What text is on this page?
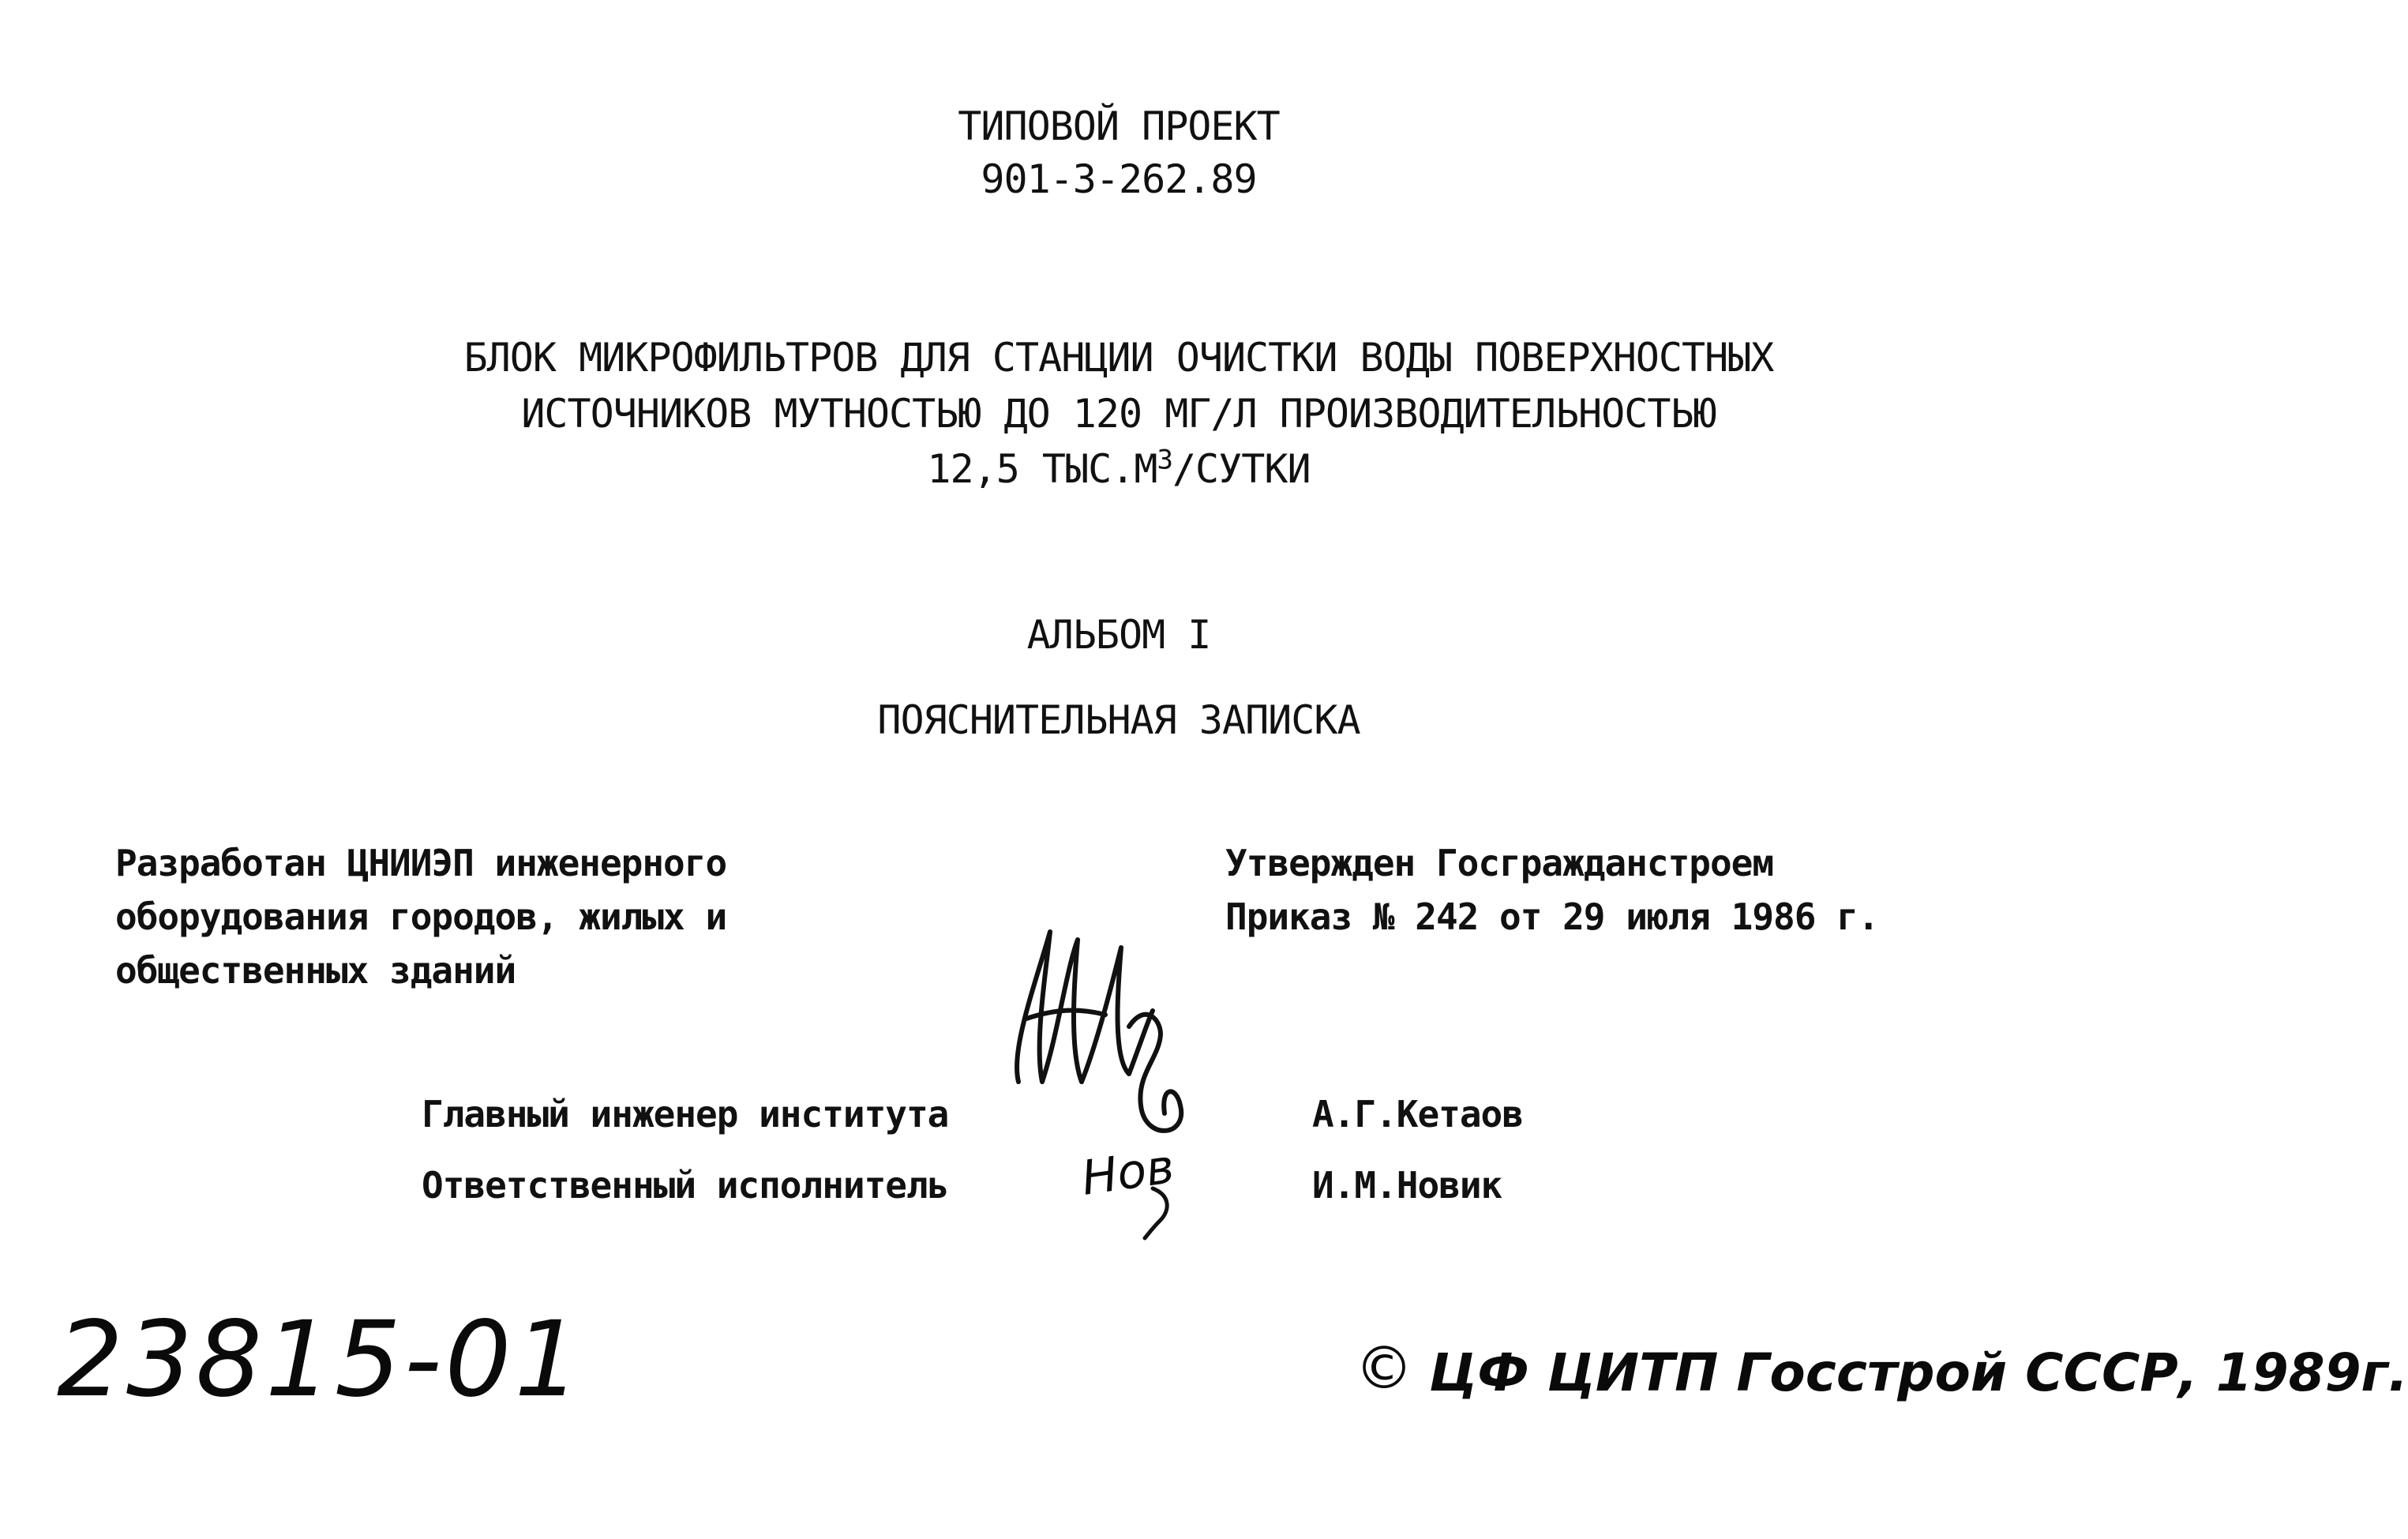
ТИПОВОЙ ПРОЕКТ
901-3-262.89
БЛОК МИКРОФИЛЬТРОВ ДЛЯ СТАНЦИИ ОЧИСТКИ ВОДЫ ПОВЕРХНОСТНЫХ
ИСТОЧНИКОВ МУТНОСТЬЮ ДО 120 МГ/Л ПРОИЗВОДИТЕЛЬНОСТЬЮ
12,5 $ТЫС.М^3$/СУТКИ
АЛЬБОМ I
ПОЯСНИТЕЛЬНАЯ ЗАПИСКА
Разработан ЦНИИЭП инженерного
оборудования городов, жилых и
общественных зданий
Утвержден Госгражданстроем
Приказ № 242 от 29 июля 1986 г.
Главный инженер института	А.Г.Кетаов
Ответственный исполнитель	Нов	И.М.Новик
23815-01	© ЦФ ЦИТП Госстрой СССР, 1989г.
